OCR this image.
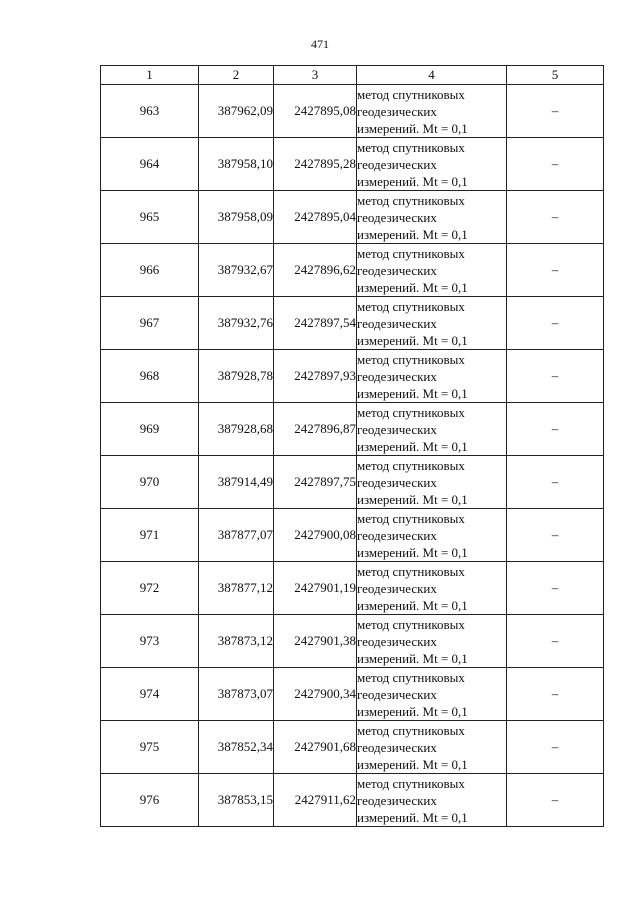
471
1	2	3	4	5
963	387962,09	2427895,08	метод спутниковых
геодезических
измерений. Mt = 0,1	–
964	387958,10	2427895,28	метод спутниковых
геодезических
измерений. Mt = 0,1	–
965	387958,09	2427895,04	метод спутниковых
геодезических
измерений. Mt = 0,1	–
966	387932,67	2427896,62	метод спутниковых
геодезических
измерений. Mt = 0,1	–
967	387932,76	2427897,54	метод спутниковых
геодезических
измерений. Mt = 0,1	–
968	387928,78	2427897,93	метод спутниковых
геодезических
измерений. Mt = 0,1	–
969	387928,68	2427896,87	метод спутниковых
геодезических
измерений. Mt = 0,1	–
970	387914,49	2427897,75	метод спутниковых
геодезических
измерений. Mt = 0,1	–
971	387877,07	2427900,08	метод спутниковых
геодезических
измерений. Mt = 0,1	–
972	387877,12	2427901,19	метод спутниковых
геодезических
измерений. Mt = 0,1	–
973	387873,12	2427901,38	метод спутниковых
геодезических
измерений. Mt = 0,1	–
974	387873,07	2427900,34	метод спутниковых
геодезических
измерений. Mt = 0,1	–
975	387852,34	2427901,68	метод спутниковых
геодезических
измерений. Mt = 0,1	–
976	387853,15	2427911,62	метод спутниковых
геодезических
измерений. Mt = 0,1	–
